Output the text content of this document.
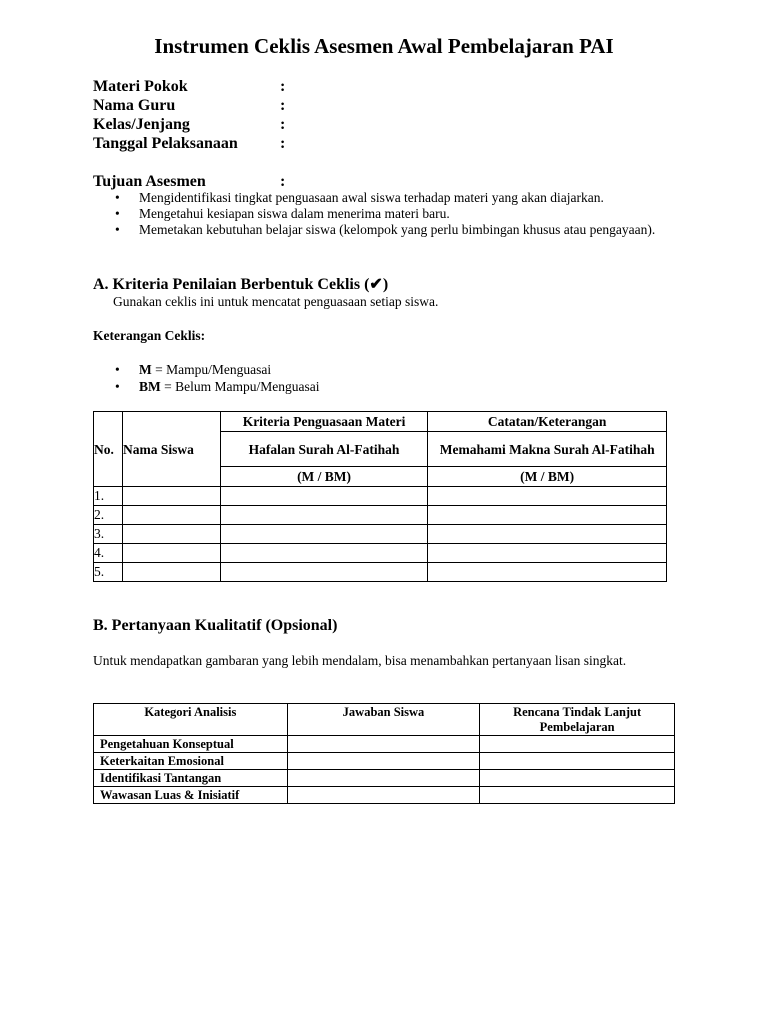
Instrumen Ceklis Asesmen Awal Pembelajaran PAI
Materi Pokok	:
Nama Guru	:
Kelas/Jenjang	:
Tanggal Pelaksanaan	:
Tujuan Asesmen	:
• Mengidentifikasi tingkat penguasaan awal siswa terhadap materi yang akan diajarkan.
• Mengetahui kesiapan siswa dalam menerima materi baru.
• Memetakan kebutuhan belajar siswa (kelompok yang perlu bimbingan khusus atau pengayaan).
A. Kriteria Penilaian Berbentuk Ceklis (✔)
Gunakan ceklis ini untuk mencatat penguasaan setiap siswa.
Keterangan Ceklis:
• M = Mampu/Menguasai
• BM = Belum Mampu/Menguasai
No.	Nama Siswa	Kriteria Penguasaan Materi	Catatan/Keterangan
		Hafalan Surah Al-Fatihah	Memahami Makna Surah Al-Fatihah
		(M / BM)	(M / BM)
1.			
2.			
3.			
4.			
5.			
B. Pertanyaan Kualitatif (Opsional)
Untuk mendapatkan gambaran yang lebih mendalam, bisa menambahkan pertanyaan lisan singkat.
Kategori Analisis	Jawaban Siswa	Rencana Tindak Lanjut Pembelajaran
Pengetahuan Konseptual		
Keterkaitan Emosional		
Identifikasi Tantangan		
Wawasan Luas & Inisiatif		
